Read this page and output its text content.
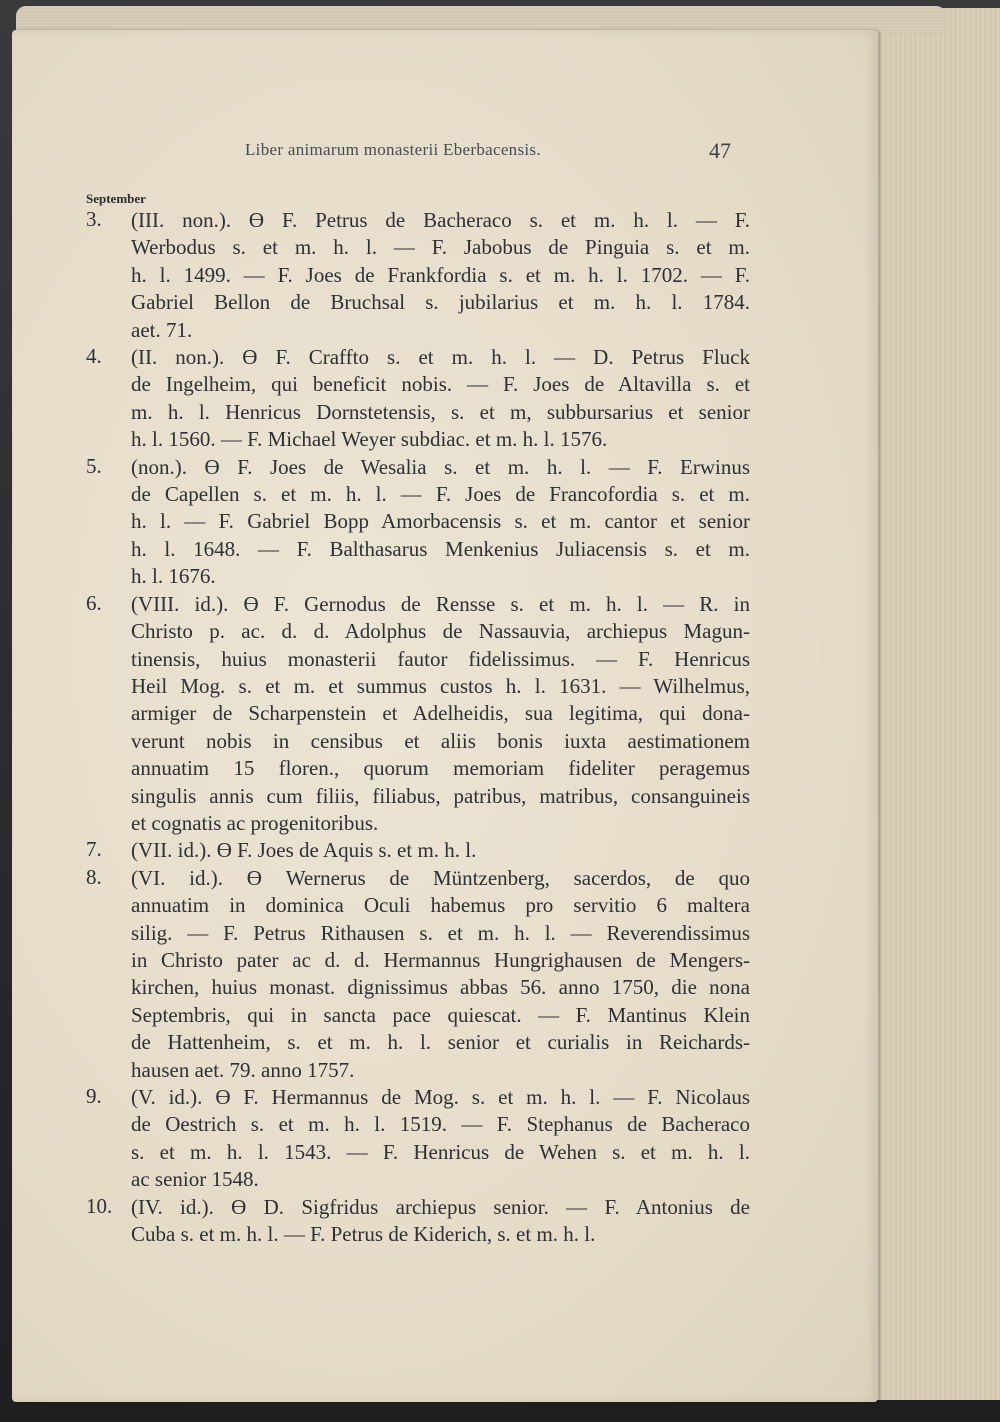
Liber animarum monasterii Eberbacensis.	47
September
3.	(III. non.). ϴ F. Petrus de Bacheraco s. et m. h. l. — F.
Werbodus s. et m. h. l. — F. Jabobus de Pinguia s. et m.
h. l. 1499. — F. Joes de Frankfordia s. et m. h. l. 1702. — F.
Gabriel Bellon de Bruchsal s. jubilarius et m. h. l. 1784.
aet. 71.
4.	(II. non.). ϴ F. Craffto s. et m. h. l. — D. Petrus Fluck
de Ingelheim, qui beneficit nobis. — F. Joes de Altavilla s. et
m. h. l. Henricus Dornstetensis, s. et m, subbursarius et senior
h. l. 1560. — F. Michael Weyer subdiac. et m. h. l. 1576.
5.	(non.). ϴ F. Joes de Wesalia s. et m. h. l. — F. Erwinus
de Capellen s. et m. h. l. — F. Joes de Francofordia s. et m.
h. l. — F. Gabriel Bopp Amorbacensis s. et m. cantor et senior
h. l. 1648. — F. Balthasarus Menkenius Juliacensis s. et m.
h. l. 1676.
6.	(VIII. id.). ϴ F. Gernodus de Rensse s. et m. h. l. — R. in
Christo p. ac. d. d. Adolphus de Nassauvia, archiepus Magun-
tinensis, huius monasterii fautor fidelissimus. — F. Henricus
Heil Mog. s. et m. et summus custos h. l. 1631. — Wilhelmus,
armiger de Scharpenstein et Adelheidis, sua legitima, qui dona-
verunt nobis in censibus et aliis bonis iuxta aestimationem
annuatim 15 floren., quorum memoriam fideliter peragemus
singulis annis cum filiis, filiabus, patribus, matribus, consanguineis
et cognatis ac progenitoribus.
7.	(VII. id.). ϴ F. Joes de Aquis s. et m. h. l.
8.	(VI. id.). ϴ Wernerus de Müntzenberg, sacerdos, de quo
annuatim in dominica Oculi habemus pro servitio 6 maltera
silig. — F. Petrus Rithausen s. et m. h. l. — Reverendissimus
in Christo pater ac d. d. Hermannus Hungrighausen de Mengers-
kirchen, huius monast. dignissimus abbas 56. anno 1750, die nona
Septembris, qui in sancta pace quiescat. — F. Mantinus Klein
de Hattenheim, s. et m. h. l. senior et curialis in Reichards-
hausen aet. 79. anno 1757.
9.	(V. id.). ϴ F. Hermannus de Mog. s. et m. h. l. — F. Nicolaus
de Oestrich s. et m. h. l. 1519. — F. Stephanus de Bacheraco
s. et m. h. l. 1543. — F. Henricus de Wehen s. et m. h. l.
ac senior 1548.
10. (IV. id.). ϴ D. Sigfridus archiepus senior. — F. Antonius de
Cuba s. et m. h. l. — F. Petrus de Kiderich, s. et m. h. l.
